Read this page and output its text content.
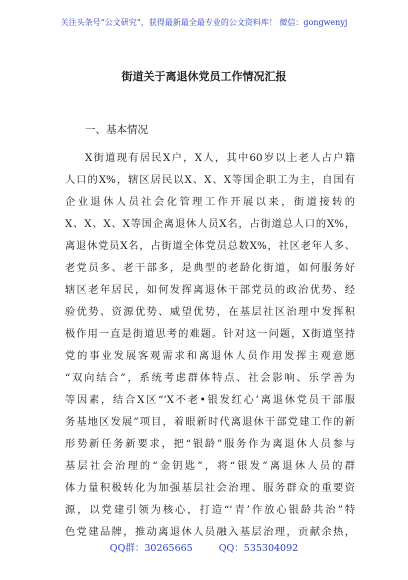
关注头条号“公文研究”，获得最新最全最专业的公文资料库！ 微信：gongwenyj
街道关于离退休党员工作情况汇报
一、基本情况
X街道现有居民X户，X人，其中60岁以上老人占户籍
人口的X%，辖区居民以X、X、X等国企职工为主，自国有
企业退休人员社会化管理工作开展以来，街道接转的
X、X、X、X等国企离退休人员X名，占街道总人口的X%，
离退休党员X名，占街道全体党员总数X%，社区老年人多、
老党员多、老干部多，是典型的老龄化街道，如何服务好
辖区老年居民，如何发挥离退休干部党员的政治优势、经
验优势、资源优势、威望优势，在基层社区治理中发挥积
极作用一直是街道思考的难题。针对这一问题，X街道坚持
党的事业发展客观需求和离退休人员作用发挥主观意愿
“双向结合”，系统考虑群体特点、社会影响、乐学善为
等因素，结合X区“‘X不老•银发红心’离退休党员干部服
务基地区发展”项目，着眼新时代离退休干部党建工作的新
形势新任务新要求，把“银龄”服务作为离退休人员参与
基层社会治理的“金钥匙”，将“银发”离退休人员的群
体力量积极转化为加强基层社会治理、服务群众的重要资
源，以党建引领为核心，打造“‘青’作放心银龄共治”特
色党建品牌，推动离退休人员融入基层治理，贡献余热，
QQ群：30265665	QQ：535304092
